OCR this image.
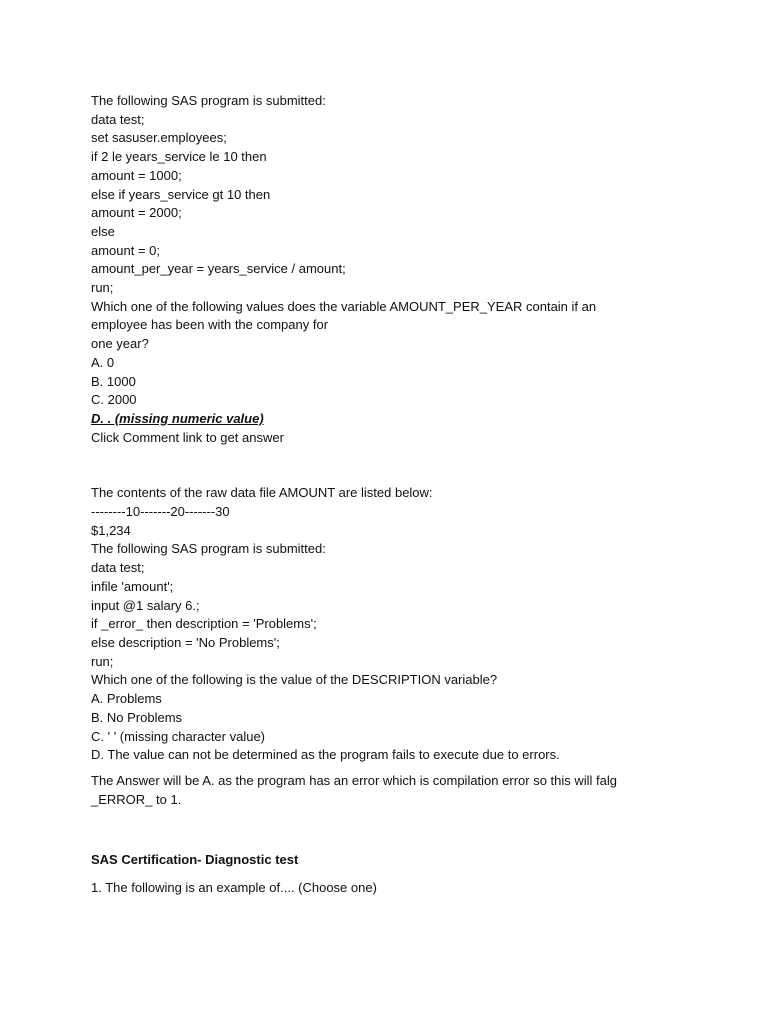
The following SAS program is submitted:
data test;
set sasuser.employees;
if 2 le years_service le 10 then
amount = 1000;
else if years_service gt 10 then
amount = 2000;
else
amount = 0;
amount_per_year = years_service / amount;
run;
Which one of the following values does the variable AMOUNT_PER_YEAR contain if an
employee has been with the company for
one year?
A. 0
B. 1000
C. 2000
D. . (missing numeric value)
Click Comment link to get answer
The contents of the raw data file AMOUNT are listed below:
--------10-------20-------30
$1,234
The following SAS program is submitted:
data test;
infile 'amount';
input @1 salary 6.;
if _error_ then description = 'Problems';
else description = 'No Problems';
run;
Which one of the following is the value of the DESCRIPTION variable?
A. Problems
B. No Problems
C. ' ' (missing character value)
D. The value can not be determined as the program fails to execute due to errors.
The Answer will be A. as the program has an error which is compilation error so this will falg
_ERROR_ to 1.
SAS Certification- Diagnostic test
1. The following is an example of.... (Choose one)
